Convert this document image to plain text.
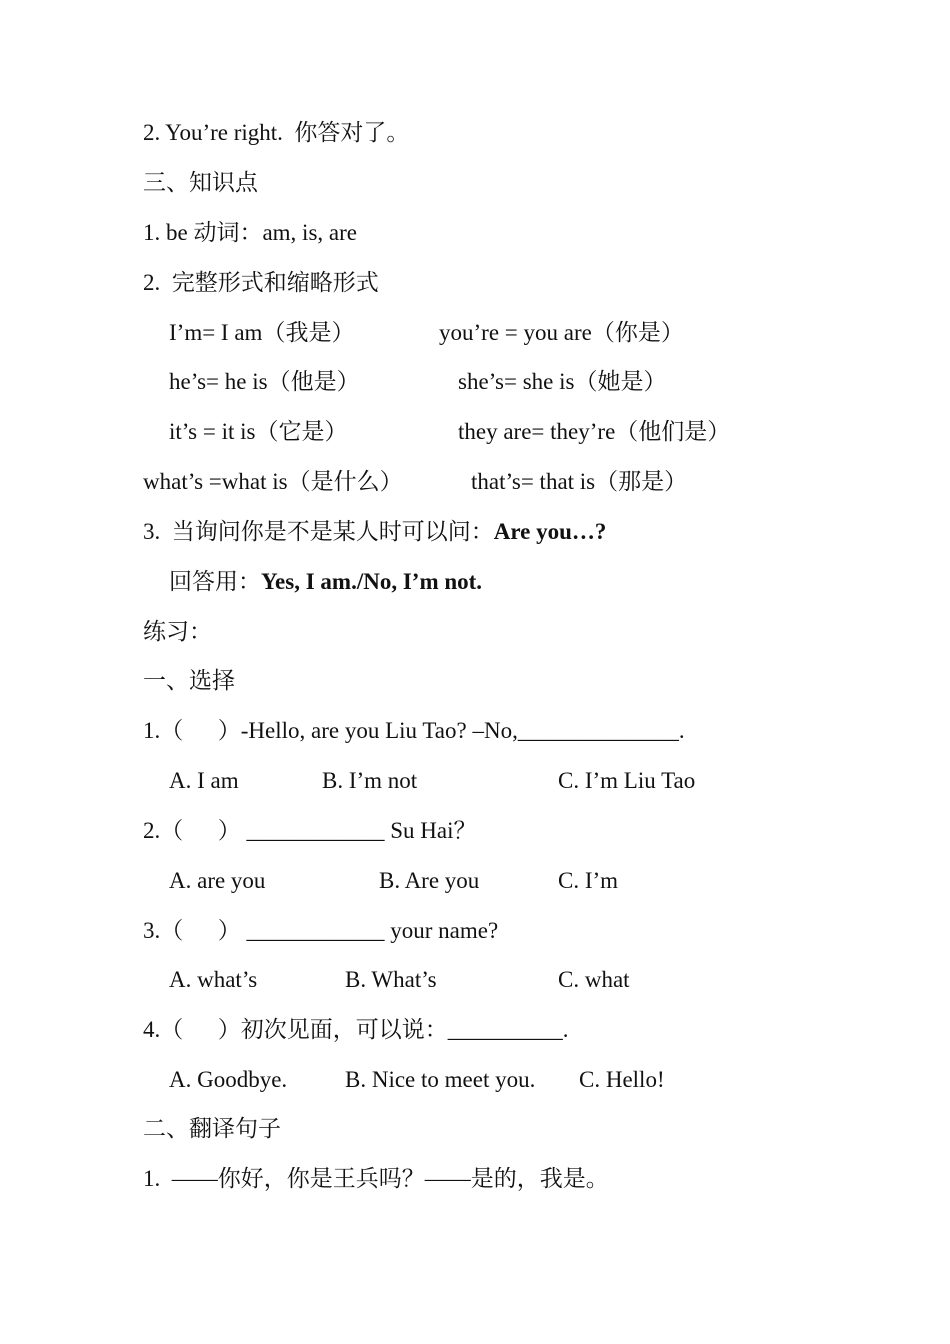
2. You’re right.  你答对了。
三、知识点
1. be 动词：am, is, are
2.  完整形式和缩略形式
I’m= I am（我是）	you’re = you are（你是）
he’s= he is（他是）	she’s= she is（她是）
it’s = it is（它是）	they are= they’re（他们是）
what’s =what is（是什么）	that’s= that is（那是）
3.  当询问你是不是某人时可以问：Are you…?
回答用：Yes, I am./No, I’m not.
练习：
一、选择
1.（      ）-Hello, are you Liu Tao? –No,______________.
A. I am	B. I’m not	C. I’m Liu Tao
2.（      ） ____________ Su Hai？
A. are you	B. Are you	C. I’m
3.（      ） ____________ your name?
A. what’s	B. What’s	C. what
4.（      ）初次见面，可以说：__________.
A. Goodbye.	B. Nice to meet you. C. Hello!
二、翻译句子
1.  ——你好，你是王兵吗？——是的，我是。
